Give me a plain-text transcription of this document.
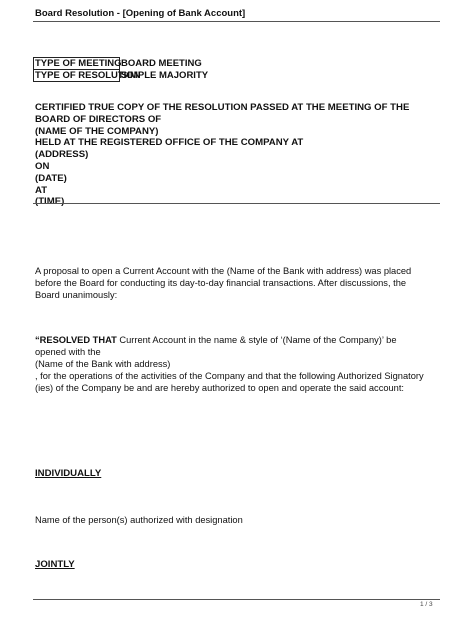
Board Resolution - [Opening of Bank Account]
TYPE OF MEETING	BOARD MEETING
TYPE OF RESOLUTION	SIMPLE MAJORITY
CERTIFIED TRUE COPY OF THE RESOLUTION PASSED AT THE MEETING OF THE
BOARD OF DIRECTORS OF
(NAME OF THE COMPANY)
HELD AT THE REGISTERED OFFICE OF THE COMPANY AT
(ADDRESS)
ON
(DATE)
AT
(TIME)
A proposal to open a Current Account with the (Name of the Bank with address) was placed
before the Board for conducting its day-to-day financial transactions. After discussions, the
Board unanimously:
“RESOLVED THAT Current Account in the name & style of ‘(Name of the Company)’ be
opened with the
(Name of the Bank with address)
, for the operations of the activities of the Company and that the following Authorized Signatory
(ies) of the Company be and are hereby authorized to open and operate the said account:
INDIVIDUALLY
Name of the person(s) authorized with designation
JOINTLY
1 / 3
